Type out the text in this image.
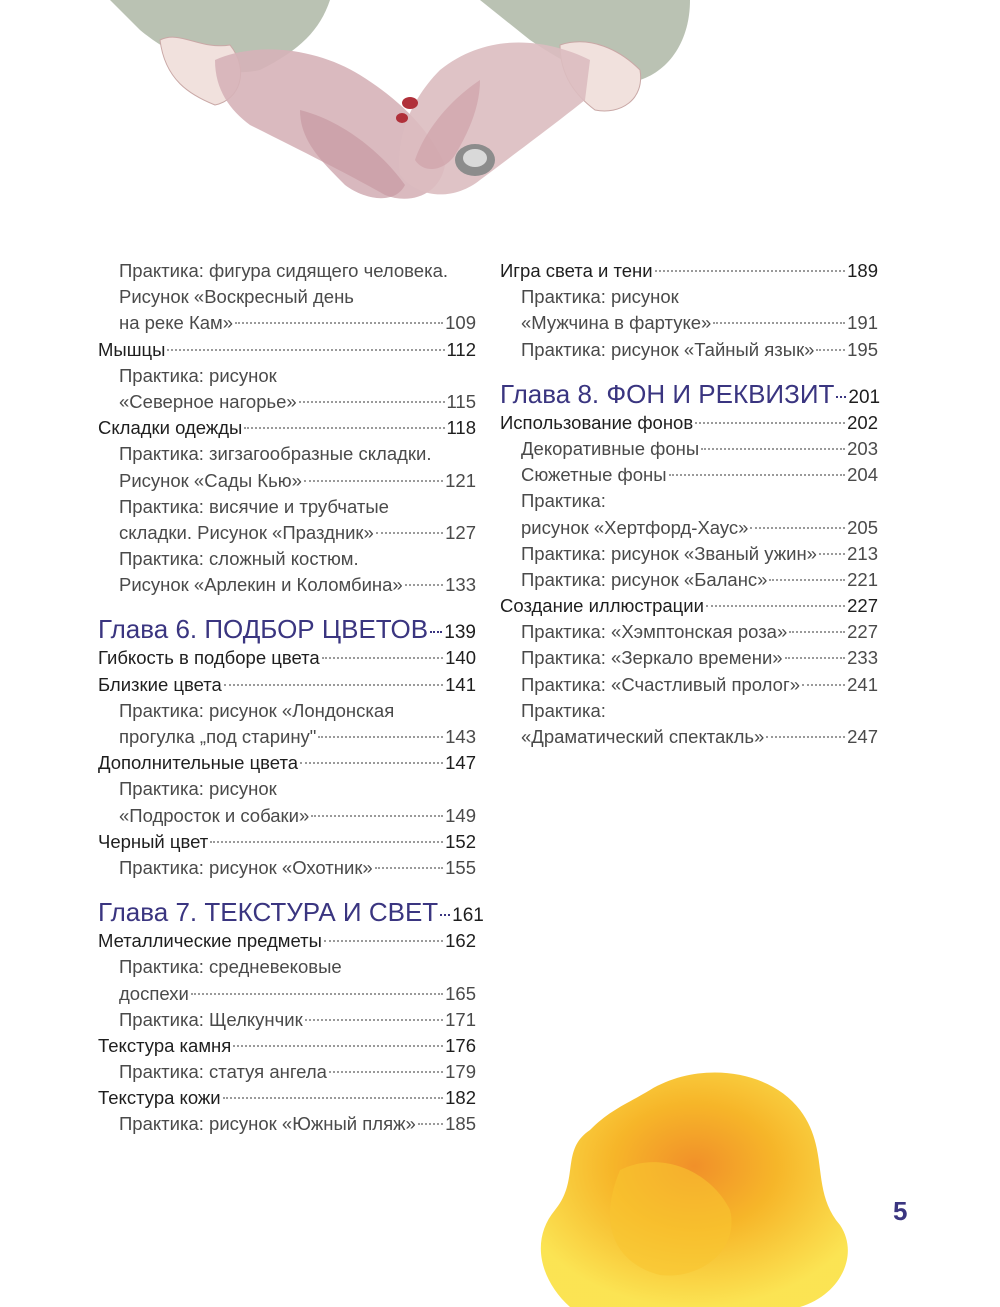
Практика: фигура сидящего человека.
Рисунок «Воскресный день
на реке Кам»	109
Мышцы	112
Практика: рисунок
«Северное нагорье»	115
Складки одежды	118
Практика: зигзагообразные складки.
Рисунок «Сады Кью»	121
Практика: висячие и трубчатые
складки. Рисунок «Праздник»	127
Практика: сложный костюм.
Рисунок «Арлекин и Коломбина» 133
Глава 6. ПОДБОР ЦВЕТОВ 139
Гибкость в подборе цвета	140
Близкие цвета	141
Практика: рисунок «Лондонская
прогулка „под старину"	143
Дополнительные цвета	147
Практика: рисунок
«Подросток и собаки»	149
Черный цвет	152
Практика: рисунок «Охотник»	155
Глава 7. ТЕКСТУРА И СВЕТ 161
Металлические предметы	162
Практика: средневековые
доспехи	165
Практика: Щелкунчик	171
Текстура камня	176
Практика: статуя ангела	179
Текстура кожи	182
Практика: рисунок «Южный пляж» 185
Игра света и тени	189
Практика: рисунок
«Мужчина в фартуке»	191
Практика: рисунок «Тайный язык» 195
Глава 8. ФОН И РЕКВИЗИТ 201
Использование фонов	202
Декоративные фоны	203
Сюжетные фоны	204
Практика:
рисунок «Хертфорд-Хаус»	205
Практика: рисунок «Званый ужин» 213
Практика: рисунок «Баланс»	221
Создание иллюстрации	227
Практика: «Хэмптонская роза»	227
Практика: «Зеркало времени»	233
Практика: «Счастливый пролог»	241
Практика:
«Драматический спектакль»	247
5
